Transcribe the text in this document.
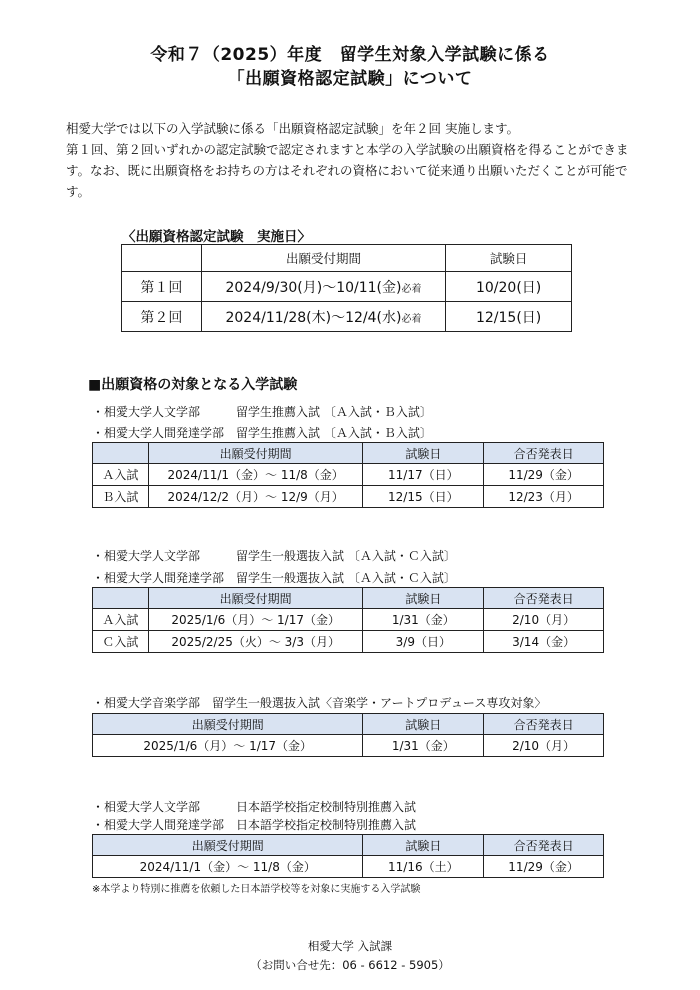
令和７（2025）年度　留学生対象入学試験に係る
「出願資格認定試験」について

相愛大学では以下の入学試験に係る「出願資格認定試験」を年２回 実施します。

第１回、第２回いずれかの認定試験で認定されますと本学の入学試験の出願資格を得ることができます。なお、既に出願資格をお持ちの方はそれぞれの資格において従来通り出願いただくことが可能です。

〈出願資格認定試験　実施日〉
	出願受付期間	試験日
第１回	2024/9/30(月)～10/11(金)必着	10/20(日)
第２回	2024/11/28(木)～12/4(水)必着	12/15(日)
■出願資格の対象となる入学試験
・相愛大学人文学部　　　留学生推薦入試 〔Ａ入試・Ｂ入試〕
・相愛大学人間発達学部　留学生推薦入試 〔Ａ入試・Ｂ入試〕
	出願受付期間	試験日	合否発表日
Ａ入試	2024/11/1（金）～ 11/8（金）	11/17（日）	11/29（金）
Ｂ入試	2024/12/2（月）～ 12/9（月）	12/15（日）	12/23（月）
・相愛大学人文学部　　　留学生一般選抜入試 〔Ａ入試・Ｃ入試〕
・相愛大学人間発達学部　留学生一般選抜入試 〔Ａ入試・Ｃ入試〕
	出願受付期間	試験日	合否発表日
Ａ入試	2025/1/6（月）～ 1/17（金）	1/31（金）	2/10（月）
Ｃ入試	2025/2/25（火）～ 3/3（月）	3/9（日）	3/14（金）
・相愛大学音楽学部　留学生一般選抜入試〈音楽学・アートプロデュース専攻対象〉
出願受付期間	試験日	合否発表日
2025/1/6（月）～ 1/17（金）	1/31（金）	2/10（月）
・相愛大学人文学部　　　日本語学校指定校制特別推薦入試
・相愛大学人間発達学部　日本語学校指定校制特別推薦入試
出願受付期間	試験日	合否発表日
2024/11/1（金）～ 11/8（金）	11/16（土）	11/29（金）
※本学より特別に推薦を依頼した日本語学校等を対象に実施する入学試験
相愛大学 入試課
（お問い合せ先：06 - 6612 - 5905）
